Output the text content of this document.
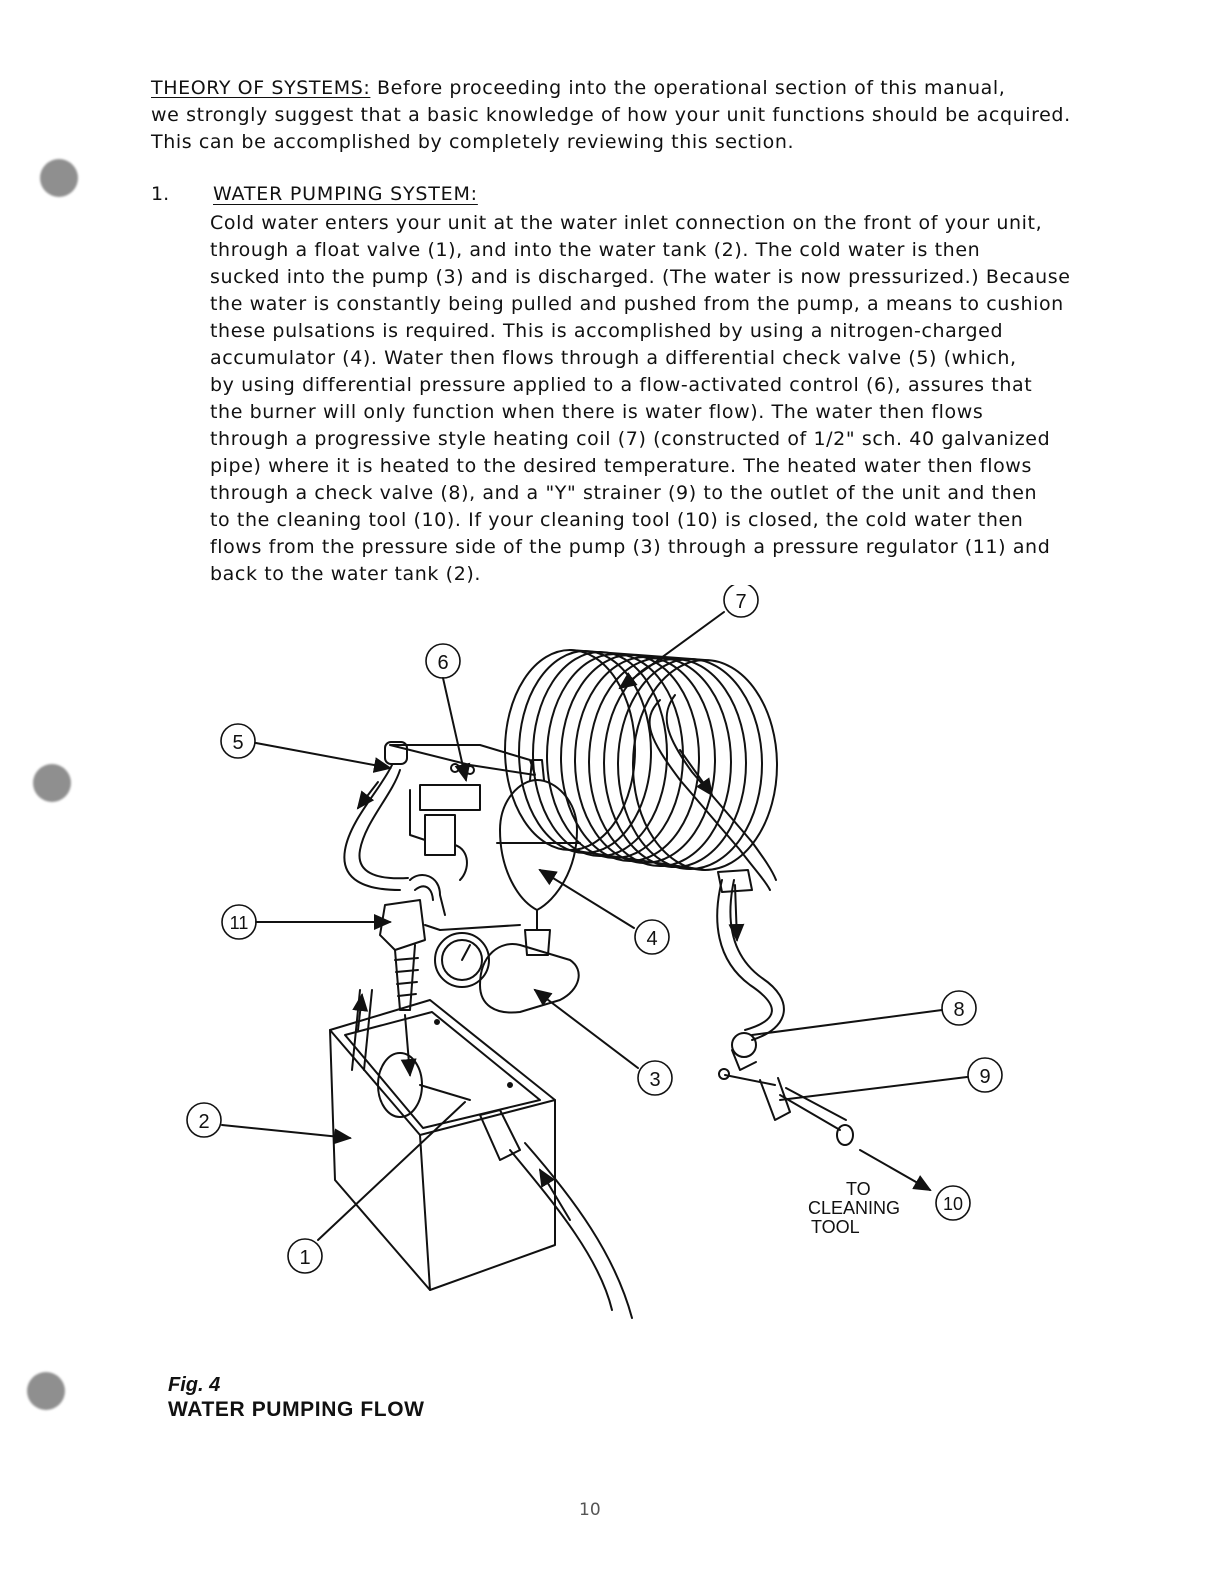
THEORY OF SYSTEMS: Before proceeding into the operational section of this manual,
we strongly suggest that a basic knowledge of how your unit functions should be acquired.
This can be accomplished by completely reviewing this section.
1. WATER PUMPING SYSTEM:
Cold water enters your unit at the water inlet connection on the front of your unit,
through a float valve (1), and into the water tank (2). The cold water is then
sucked into the pump (3) and is discharged. (The water is now pressurized.) Because
the water is constantly being pulled and pushed from the pump, a means to cushion
these pulsations is required. This is accomplished by using a nitrogen-charged
accumulator (4). Water then flows through a differential check valve (5) (which,
by using differential pressure applied to a flow-activated control (6), assures that
the burner will only function when there is water flow). The water then flows
through a progressive style heating coil (7) (constructed of 1/2" sch. 40 galvanized
pipe) where it is heated to the desired temperature. The heated water then flows
through a check valve (8), and a "Y" strainer (9) to the outlet of the unit and then
to the cleaning tool (10). If your cleaning tool (10) is closed, the cold water then
flows from the pressure side of the pump (3) through a pressure regulator (11) and
back to the water tank (2).
1
2
3
4
5
6
7
8
9
10
11
TO
CLEANING
TOOL
Fig. 4
WATER PUMPING FLOW
10
